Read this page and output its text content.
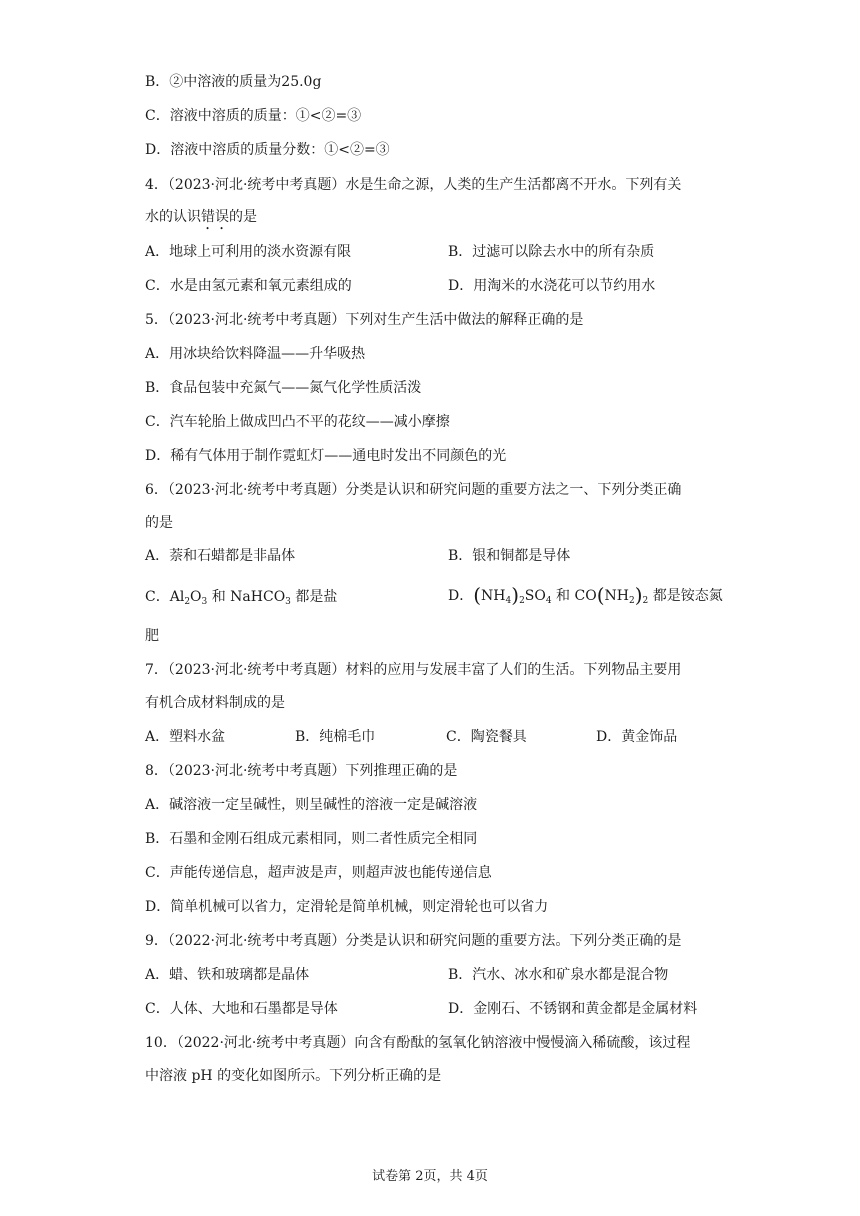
B．②中溶液的质量为25.0g
C．溶液中溶质的质量：①<②=③
D．溶液中溶质的质量分数：①<②=③
4．（2023·河北·统考中考真题）水是生命之源，人类的生产生活都离不开水。下列有关
水的认识错误的是
A．地球上可利用的淡水资源有限	B．过滤可以除去水中的所有杂质
C．水是由氢元素和氧元素组成的	D．用淘米的水浇花可以节约用水
5．（2023·河北·统考中考真题）下列对生产生活中做法的解释正确的是
A．用冰块给饮料降温——升华吸热
B．食品包装中充氮气——氮气化学性质活泼
C．汽车轮胎上做成凹凸不平的花纹——减小摩擦
D．稀有气体用于制作霓虹灯——通电时发出不同颜色的光
6．（2023·河北·统考中考真题）分类是认识和研究问题的重要方法之一、下列分类正确
的是
A．萘和石蜡都是非晶体	B．银和铜都是导体
C．$Al_2O_3$ 和 NaHCO$_3$ 都是盐	D．$(NH_4)_2SO_4$ 和 $CO(NH_2)_2$ 都是铵态氮
肥
7．（2023·河北·统考中考真题）材料的应用与发展丰富了人们的生活。下列物品主要用
有机合成材料制成的是
A．塑料水盆	B．纯棉毛巾	C．陶瓷餐具	D．黄金饰品
8．（2023·河北·统考中考真题）下列推理正确的是
A．碱溶液一定呈碱性，则呈碱性的溶液一定是碱溶液
B．石墨和金刚石组成元素相同，则二者性质完全相同
C．声能传递信息，超声波是声，则超声波也能传递信息
D．简单机械可以省力，定滑轮是简单机械，则定滑轮也可以省力
9．（2022·河北·统考中考真题）分类是认识和研究问题的重要方法。下列分类正确的是
A．蜡、铁和玻璃都是晶体	B．汽水、冰水和矿泉水都是混合物
C．人体、大地和石墨都是导体	D．金刚石、不锈钢和黄金都是金属材料
10．（2022·河北·统考中考真题）向含有酚酞的氢氧化钠溶液中慢慢滴入稀硫酸，该过程
中溶液 pH 的变化如图所示。下列分析正确的是
试卷第 2页，共 4页
